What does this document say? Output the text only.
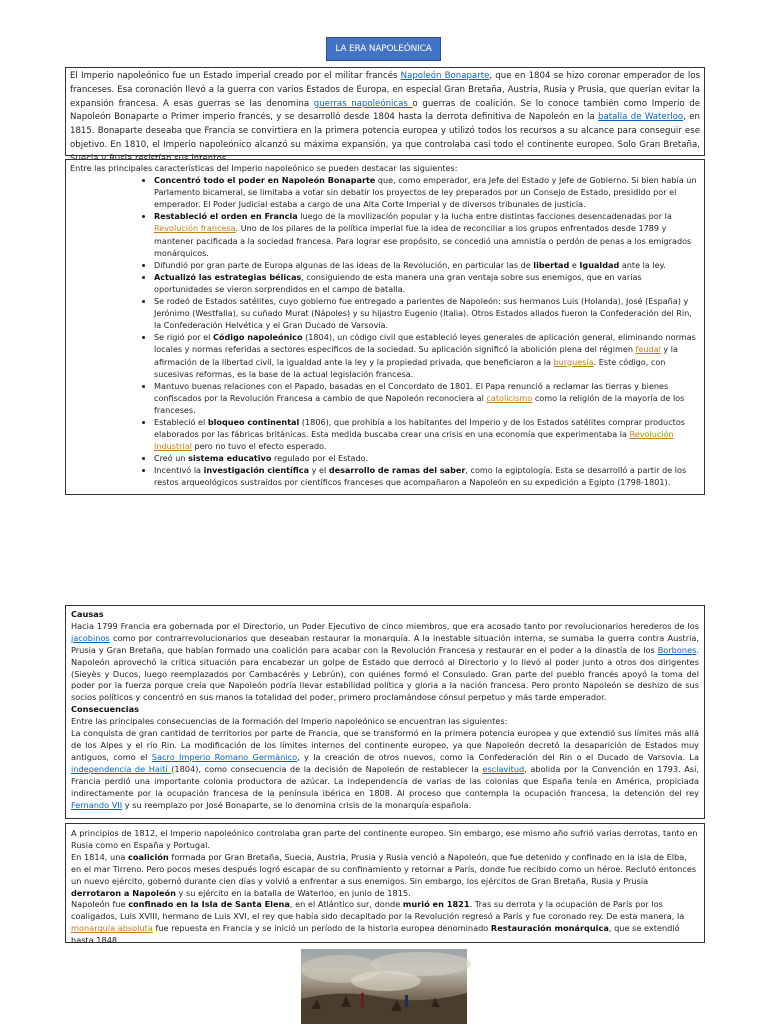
LA ERA NAPOLEÓNICA

El Imperio napoleónico fue un Estado imperial creado por el militar francés Napoleón Bonaparte, que en 1804 se hizo coronar emperador de los franceses. Esa coronación llevó a la guerra con varios Estados de Europa, en especial Gran Bretaña, Austria, Rusia y Prusia, que querían evitar la expansión francesa. A esas guerras se las denomina guerras napoleónicas o guerras de coalición. Se lo conoce también como Imperio de Napoleón Bonaparte o Primer imperio francés, y se desarrolló desde 1804 hasta la derrota definitiva de Napoleón en la batalla de Waterloo, en 1815. Bonaparte deseaba que Francia se convirtiera en la primera potencia europea y utilizó todos los recursos a su alcance para conseguir ese objetivo. En 1810, el Imperio napoleónico alcanzó su máxima expansión, ya que controlaba casi todo el continente europeo. Solo Gran Bretaña,

Entre las principales características del Imperio napoleónico se pueden destacar las siguientes:

• Concentró todo el poder en Napoleón Bonaparte que, como emperador, era Jefe del Estado y Jefe de Gobierno. Si bien había un Parlamento bicameral, se limitaba a votar sin debatir los proyectos de ley preparados por un Consejo de Estado, presidido por el emperador. El Poder Judicial estaba a cargo de una Alta Corte Imperial y de diversos tribunales de justicia.
• Restableció el orden en Francia luego de la movilización popular y la lucha entre distintas facciones desencadenadas por la Revolución francesa. Uno de los pilares de la política imperial fue la idea de reconciliar a los grupos enfrentados desde 1789 y mantener pacificada a la sociedad francesa. Para lograr ese propósito, se concedió una amnistía o perdón de penas a los emigrados monárquicos.
• Difundió por gran parte de Europa algunas de las ideas de la Revolución, en particular las de libertad e Igualdad ante la ley.
• Actualizó las estrategias bélicas, consiguiendo de esta manera una gran ventaja sobre sus enemigos, que en varias oportunidades se vieron sorprendidos en el campo de batalla.
• Se rodeó de Estados satélites, cuyo gobierno fue entregado a parientes de Napoleón: sus hermanos Luis (Holanda), José (España) y Jerónimo (Westfalia), su cuñado Murat (Nápoles) y su hijastro Eugenio (Italia). Otros Estados aliados fueron la Confederación del Rin, la Confederación Helvética y el Gran Ducado de Varsovia.
• Se rigió por el Código napoleónico (1804), un código civil que estableció leyes generales de aplicación general, eliminando normas locales y normas referidas a sectores específicos de la sociedad. Su aplicación significó la abolición plena del régimen feudal y la afirmación de la libertad civil, la igualdad ante la ley y la propiedad privada, que beneficiaron a la burguesía. Este código, con sucesivas reformas, es la base de la actual legislación francesa.
• Mantuvo buenas relaciones con el Papado, basadas en el Concordato de 1801. El Papa renunció a reclamar las tierras y bienes confiscados por la Revolución Francesa a cambio de que Napoleón reconociera al catolicismo como la religión de la mayoría de los franceses.
• Estableció el bloqueo continental (1806), que prohibía a los habitantes del Imperio y de los Estados satélites comprar productos elaborados por las fábricas británicas. Esta medida buscaba crear una crisis en una economía que experimentaba la Revolución Industrial pero no tuvo el efecto esperado.
• Creó un sistema educativo regulado por el Estado.
• Incentivó la investigación científica y el desarrollo de ramas del saber, como la egiptología. Esta se desarrolló a partir de los restos arqueológicos sustraídos por científicos franceses que acompañaron a Napoleón en su expedición a Egipto (1798-1801).

Causas

Hacia 1799 Francia era gobernada por el Directorio, un Poder Ejecutivo de cinco miembros, que era acosado tanto por revolucionarios herederos de los jacobinos como por contrarrevolucionarios que deseaban restaurar la monarquía. A la inestable situación interna, se sumaba la guerra contra Austria, Prusia y Gran Bretaña, que habían formado una coalición para acabar con la Revolución Francesa y restaurar en el poder a la dinastía de los Borbones. Napoleón aprovechó la crítica situación para encabezar un golpe de Estado que derrocó al Directorio y lo llevó al poder junto a otros dos dirigentes (Sieyès y Ducos, luego reemplazados por Cambacérès y Lebrún), con quiénes formó el Consulado. Gran parte del pueblo francés apoyó la toma del poder por la fuerza porque creía que Napoleón podría llevar estabilidad política y gloria a la nación francesa. Pero pronto Napoleón se deshizo de sus socios políticos y concentró en sus manos la totalidad del poder, primero proclamándose cónsul perpetuo y más tarde emperador.

Consecuencias

Entre las principales consecuencias de la formación del Imperio napoleónico se encuentran las siguientes:

La conquista de gran cantidad de territorios por parte de Francia, que se transformó en la primera potencia europea y que extendió sus límites más allá de los Alpes y el río Rin. La modificación de los límites internos del continente europeo, ya que Napoleón decretó la desaparición de Estados muy antiguos, como el Sacro Imperio Romano Germánico, y la creación de otros nuevos, como la Confederación del Rin o el Ducado de Varsovia. La independencia de Haití (1804), como consecuencia de la decisión de Napoleón de restablecer la esclavitud, abolida por la Convención en 1793. Así, Francia perdió una importante colonia productora de azúcar. La independencia de varias de las colonias que España tenía en América, propiciada indirectamente por la ocupación francesa de la península ibérica en 1808. Al proceso que contempla la ocupación francesa, la detención del rey Fernando VII y su reemplazo por José Bonaparte, se lo denomina crisis de la monarquía española.

A principios de 1812, el Imperio napoleónico controlaba gran parte del continente europeo. Sin embargo, ese mismo año sufrió varias derrotas, tanto en Rusia como en España y Portugal.

En 1814, una coalición formada por Gran Bretaña, Suecia, Austria, Prusia y Rusia venció a Napoleón, que fue detenido y confinado en la isla de Elba, en el mar Tirreno. Pero pocos meses después logró escapar de su confinamiento y retornar a París, donde fue recibido como un héroe. Reclutó entonces un nuevo ejército, gobernó durante cien días y volvió a enfrentar a sus enemigos. Sin embargo, los ejércitos de Gran Bretaña, Rusia y Prusia derrotaron a Napoleón y su ejército en la batalla de Waterloo, en junio de 1815.

Napoleón fue confinado en la Isla de Santa Elena, en el Atlántico sur, donde murió en 1821. Tras su derrota y la ocupación de París por los coaligados, Luis XVIII, hermano de Luis XVI, el rey que había sido decapitado por la Revolución regresó a París y fue coronado rey. De esta manera, la monarquía absoluta fue repuesta en Francia y se inició un período de la historia europea denominado Restauración monárquica, que se extendió hasta 1848.
